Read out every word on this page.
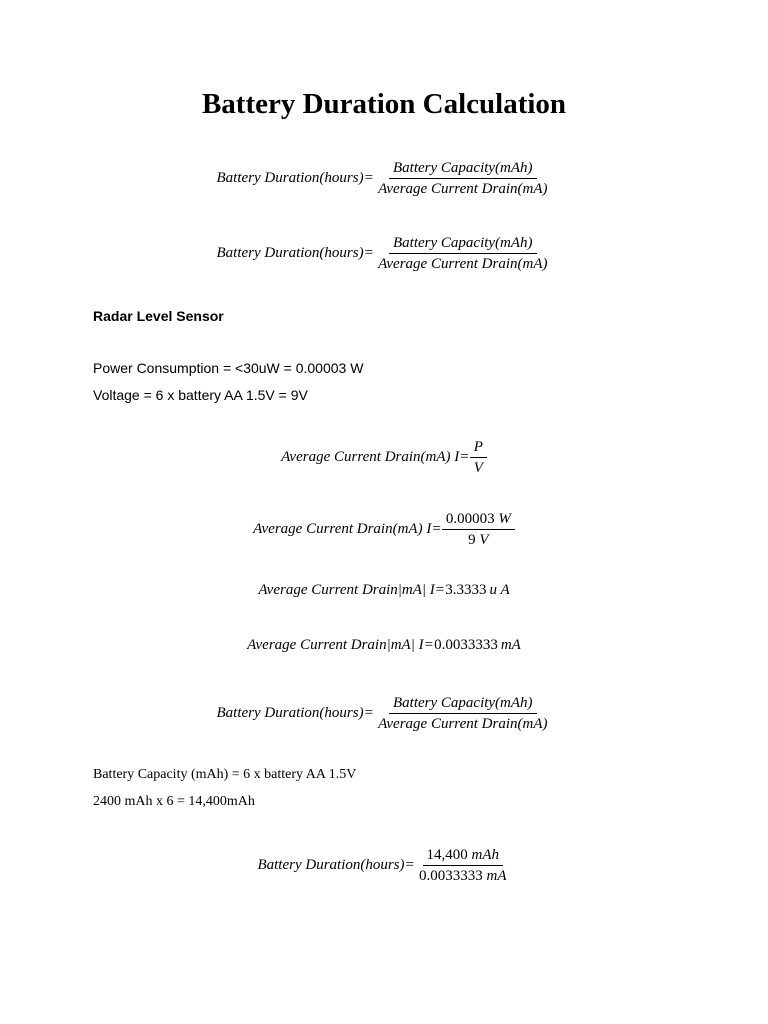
Battery Duration Calculation
Battery Duration(hours) = $\frac{\text{Battery Capacity(mAh)}}{\text{Average Current Drain(mA)}}$
Battery Duration(hours) = $\frac{\text{Battery Capacity(mAh)}}{\text{Average Current Drain(mA)}}$
Radar Level Sensor
Power Consumption = <30uW = 0.00003 W
Voltage = 6 x battery AA 1.5V = 9V
Average Current Drain(mA) $I = \frac{P}{V}$
Average Current Drain(mA) $I = \frac{0.00003 W}{9 V}$
Average Current Drain|mA| I = 3.3333 u A
Average Current Drain|mA| I = 0.0033333 mA
Battery Duration(hours) = $\frac{\text{Battery Capacity(mAh)}}{\text{Average Current Drain(mA)}}$
Battery Capacity (mAh) = 6 x battery AA 1.5V
2400 mAh x 6 = 14,400mAh
Battery Duration(hours) = $\frac{\text{14,400 mAh}}{0.0033333 mA}$
